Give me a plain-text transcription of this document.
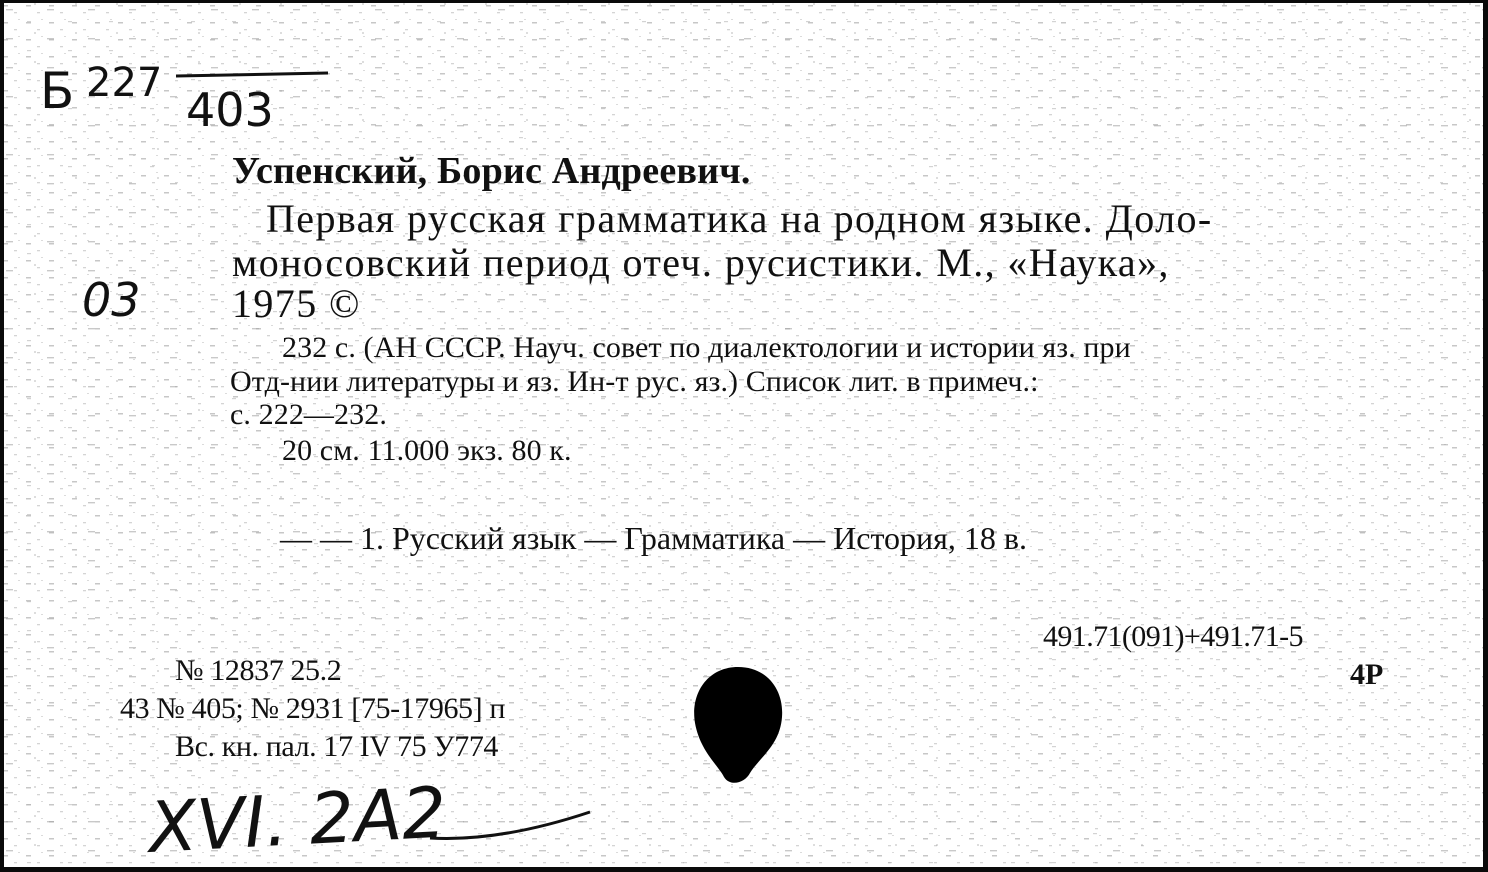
Б 227 403
03
XVI. 2А2
Успенский, Борис Андреевич.
Первая русская грамматика на родном языке. Доло-
моносовский период отеч. русистики. М., «Наука»,
1975 ©
232 с. (АН СССР. Науч. совет по диалектологии и истории яз. при
Отд-нии литературы и яз. Ин-т рус. яз.) Список лит. в примеч.:
с. 222—232.
20 см. 11.000 экз. 80 к.
— — 1. Русский язык — Грамматика — История, 18 в.
491.71(091)+491.71-5
4Р
№ 12837 25.2
43 № 405; № 2931 [75-17965] п
Вс. кн. пал. 17 IV 75 У774
